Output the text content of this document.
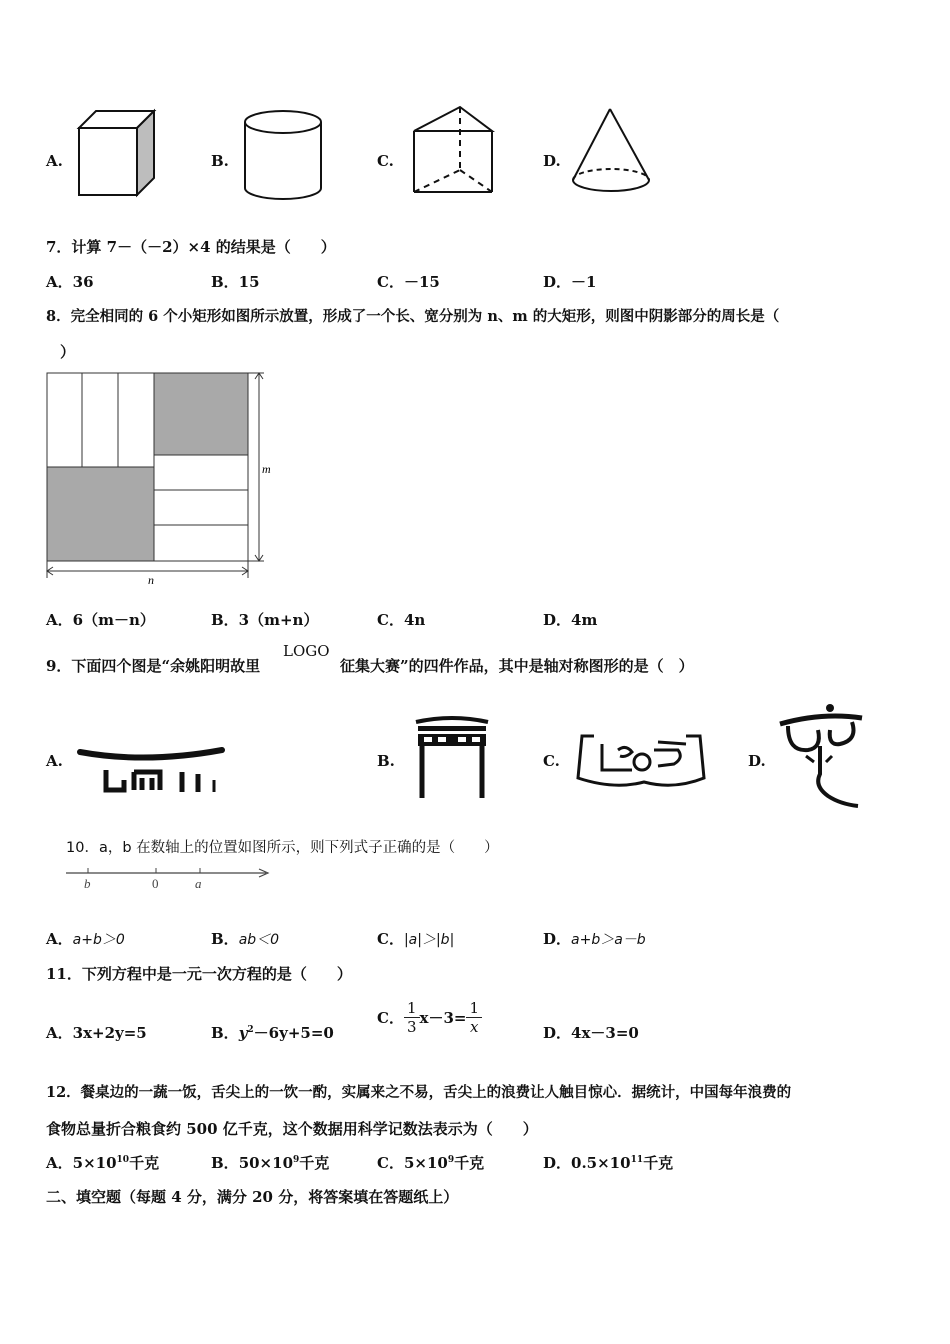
A.	B.	C.	D.
7．计算 7－（－2）×4 的结果是（　　）
A．36	B．15	C．－15	D．－1
8．完全相同的 6 个小矩形如图所示放置，形成了一个长、宽分别为 n、m 的大矩形，则图中阴影部分的周长是（
）
m
n
A．6（m－n）	B．3（m+n）	C．4n	D．4m
9．下面四个图是“余姚阳明故里
LOGO
征集大赛”的四件作品，其中是轴对称图形的是（　）
A.	B.	C.	D.
10．a，b 在数轴上的位置如图所示，则下列式子正确的是（　　）
b	0	a
A．a+b＞0	B．ab＜0	C．|a|＞|b|	D．a+b＞a－b
11．下列方程中是一元一次方程的是（　　）
A．3x+2y=5	B．$y^2-6y+5=0$
C． $\frac{1}{3} x-3= \frac{1}{x}$	D．4x－3=0
12．餐桌边的一蔬一饭，舌尖上的一饮一酌，实属来之不易，舌尖上的浪费让人触目惊心．据统计，中国每年浪费的
食物总量折合粮食约 500 亿千克，这个数据用科学记数法表示为（　　）
A．$5\times 10^{10}$千克	B．$50\times 10^9$千克	C．$5\times 10^9$千克	D．$0.5\times 10^{11}$千克
二、填空题（每题 4 分，满分 20 分，将答案填在答题纸上）
